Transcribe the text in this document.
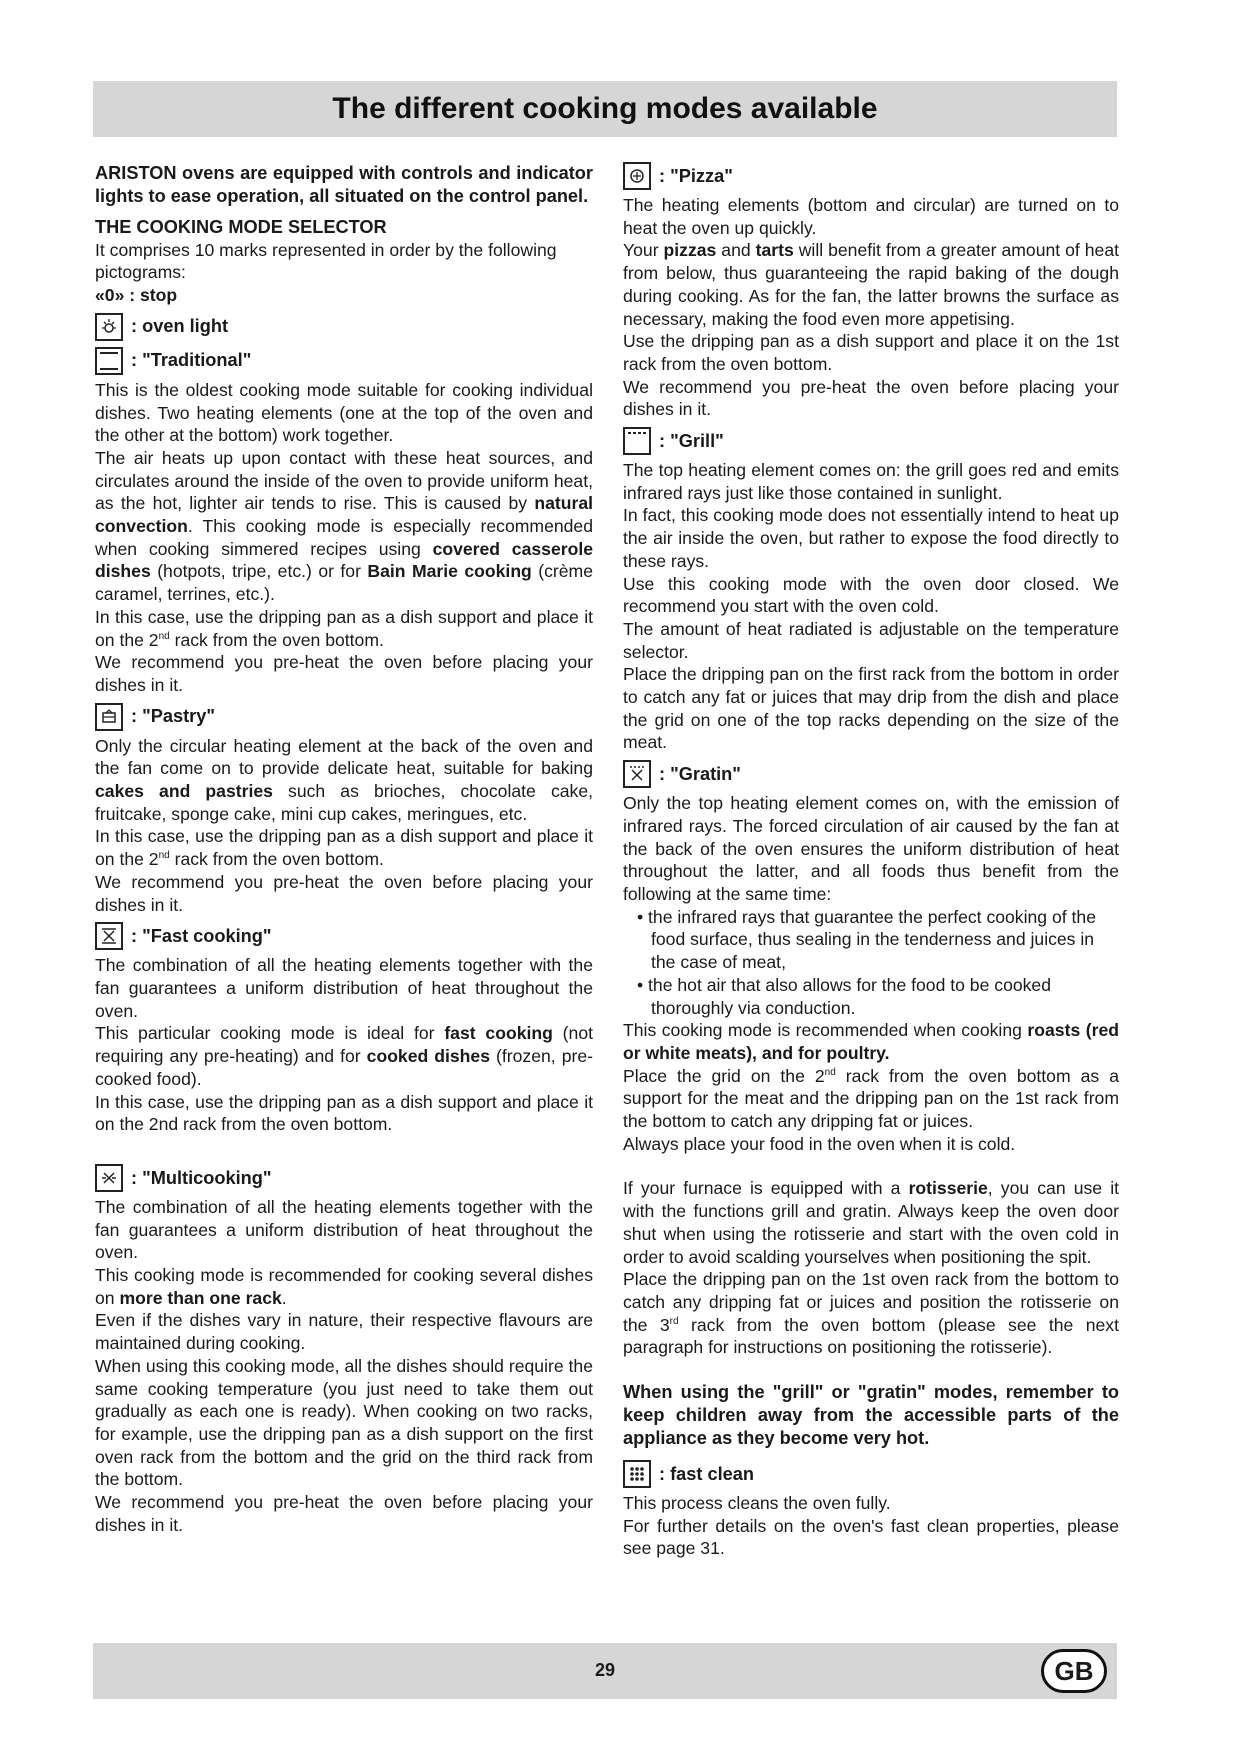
The different cooking modes available

ARISTON ovens are equipped with controls and indicator lights to ease operation, all situated on the control panel.

THE COOKING MODE SELECTOR

It comprises 10 marks represented in order by the following pictograms:

«0» : stop

: oven light
: "Traditional"

This is the oldest cooking mode suitable for cooking individual dishes. Two heating elements (one at the top of the oven and the other at the bottom) work together.

The air heats up upon contact with these heat sources, and circulates around the inside of the oven to provide uniform heat, as the hot, lighter air tends to rise. This is caused by natural convection. This cooking mode is especially recommended when cooking simmered recipes using covered casserole dishes (hotpots, tripe, etc.) or for Bain Marie cooking (crème caramel, terrines, etc.).

In this case, use the dripping pan as a dish support and place it on the 2nd rack from the oven bottom.

We recommend you pre-heat the oven before placing your dishes in it.

: "Pastry"

Only the circular heating element at the back of the oven and the fan come on to provide delicate heat, suitable for baking cakes and pastries such as brioches, chocolate cake, fruitcake, sponge cake, mini cup cakes, meringues, etc.

In this case, use the dripping pan as a dish support and place it on the 2nd rack from the oven bottom.

We recommend you pre-heat the oven before placing your dishes in it.

: "Fast cooking"

The combination of all the heating elements together with the fan guarantees a uniform distribution of heat throughout the oven.

This particular cooking mode is ideal for fast cooking (not requiring any pre-heating) and for cooked dishes (frozen, pre-cooked food).

In this case, use the dripping pan as a dish support and place it on the 2nd rack from the oven bottom.

: "Multicooking"

The combination of all the heating elements together with the fan guarantees a uniform distribution of heat throughout the oven.

This cooking mode is recommended for cooking several dishes on more than one rack.

Even if the dishes vary in nature, their respective flavours are maintained during cooking.

When using this cooking mode, all the dishes should require the same cooking temperature (you just need to take them out gradually as each one is ready). When cooking on two racks, for example, use the dripping pan as a dish support on the first oven rack from the bottom and the grid on the third rack from the bottom.

We recommend you pre-heat the oven before placing your dishes in it.

: "Pizza"

The heating elements (bottom and circular) are turned on to heat the oven up quickly.

Your pizzas and tarts will benefit from a greater amount of heat from below, thus guaranteeing the rapid baking of the dough during cooking. As for the fan, the latter browns the surface as necessary, making the food even more appetising.

Use the dripping pan as a dish support and place it on the 1st rack from the oven bottom.

We recommend you pre-heat the oven before placing your dishes in it.

: "Grill"

The top heating element comes on: the grill goes red and emits infrared rays just like those contained in sunlight.

In fact, this cooking mode does not essentially intend to heat up the air inside the oven, but rather to expose the food directly to these rays.

Use this cooking mode with the oven door closed. We recommend you start with the oven cold.

The amount of heat radiated is adjustable on the temperature selector.

Place the dripping pan on the first rack from the bottom in order to catch any fat or juices that may drip from the dish and place the grid on one of the top racks depending on the size of the meat.

: "Gratin"

Only the top heating element comes on, with the emission of infrared rays. The forced circulation of air caused by the fan at the back of the oven ensures the uniform distribution of heat throughout the latter, and all foods thus benefit from the following at the same time:

• the infrared rays that guarantee the perfect cooking of the food surface, thus sealing in the tenderness and juices in the case of meat,

• the hot air that also allows for the food to be cooked thoroughly via conduction.

This cooking mode is recommended when cooking roasts (red or white meats), and for poultry.

Place the grid on the 2nd rack from the oven bottom as a support for the meat and the dripping pan on the 1st rack from the bottom to catch any dripping fat or juices.

Always place your food in the oven when it is cold.

If your furnace is equipped with a rotisserie, you can use it with the functions grill and gratin. Always keep the oven door shut when using the rotisserie and start with the oven cold in order to avoid scalding yourselves when positioning the spit.

Place the dripping pan on the 1st oven rack from the bottom to catch any dripping fat or juices and position the rotisserie on the 3rd rack from the oven bottom (please see the next paragraph for instructions on positioning the rotisserie).

When using the "grill" or "gratin" modes, remember to keep children away from the accessible parts of the appliance as they become very hot.

: fast clean

This process cleans the oven fully.

For further details on the oven's fast clean properties, please see page 31.

29	GB
